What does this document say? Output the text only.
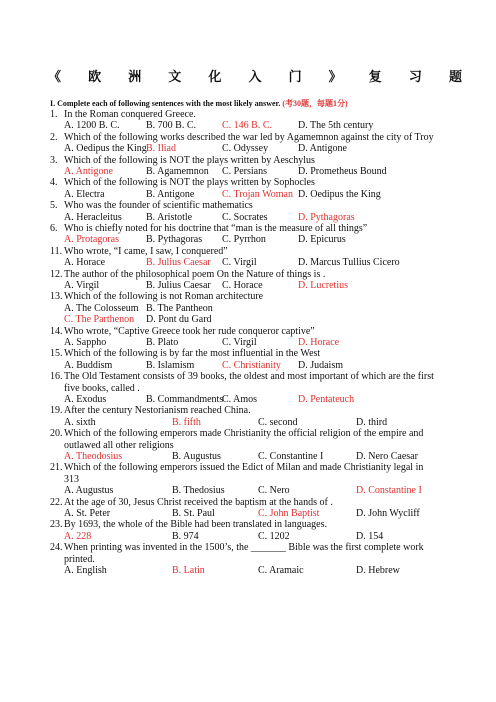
《 欧 洲 文 化 入 门 》 复 习 题
I. Complete each of following sentences with the most likely answer. (考30题，每题1分)
1. In the Roman conquered Greece.
A. 1200 B. C.	B. 700 B. C.	C. 146 B. C.	D. The 5th century
2. Which of the following works described the war led by Agamemnon against the city of Troy
A. Oedipus the King B. Iliad	C. Odyssey	D. Antigone
3. Which of the following is NOT the plays written by Aeschylus
A. Antigone	B. Agamemnon C. Persians	D. Prometheus Bound
4. Which of the following is NOT the plays written by Sophocles
A. Electra	B. Antigone	C. Trojan Woman D. Oedipus the King
5. Who was the founder of scientific mathematics
A. Heracleitus B. Aristotle	C. Socrates	D. Pythagoras
6. Who is chiefly noted for his doctrine that “man is the measure of all things”
A. Protagoras	B. Pythagoras C. Pyrrhon	D. Epicurus
11. Who wrote, “I came, I saw, I conquered”
A. Horace	B. Julius Caesar C. Virgil	D. Marcus Tullius Cicero
12. The author of the philosophical poem On the Nature of things is .
A. Virgil	B. Julius Caesar C. Horace	D. Lucretius
13. Which of the following is not Roman architecture
A. The Colosseum B. The Pantheon
C. The Parthenon D. Pont du Gard
14. Who wrote, “Captive Greece took her rude conqueror captive”
A. Sappho	B. Plato	C. Virgil	D. Horace
15. Which of the following is by far the most influential in the West
A. Buddism	B. Islamism	C. Christianity D. Judaism
16. The Old Testament consists of 39 books, the oldest and most important of which are the first
five books, called .
A. Exodus	B. Commandments
C. Amos	D. Pentateuch
19. After the century Nestorianism reached China.
A. sixth	B. fifth	C. second	D. third
20. Which of the following emperors made Christianity the official religion of the empire and
outlawed all other religions
A. Theodosius	B. Augustus	C. Constantine I	D. Nero Caesar
21. Which of the following emperors issued the Edict of Milan and made Christianity legal in
313
A. Augustus	B. Thedosius	C. Nero	D. Constantine I
22. At the age of 30, Jesus Christ received the baptism at the hands of .
A. St. Peter	B. St. Paul	C. John Baptist	D. John Wycliff
23. By 1693, the whole of the Bible had been translated in languages.
A. 228	B. 974	C. 1202	D. 154
24. When printing was invented in the 1500’s, the _______ Bible was the first complete work
printed.
A. English	B. Latin	C. Aramaic	D. Hebrew
